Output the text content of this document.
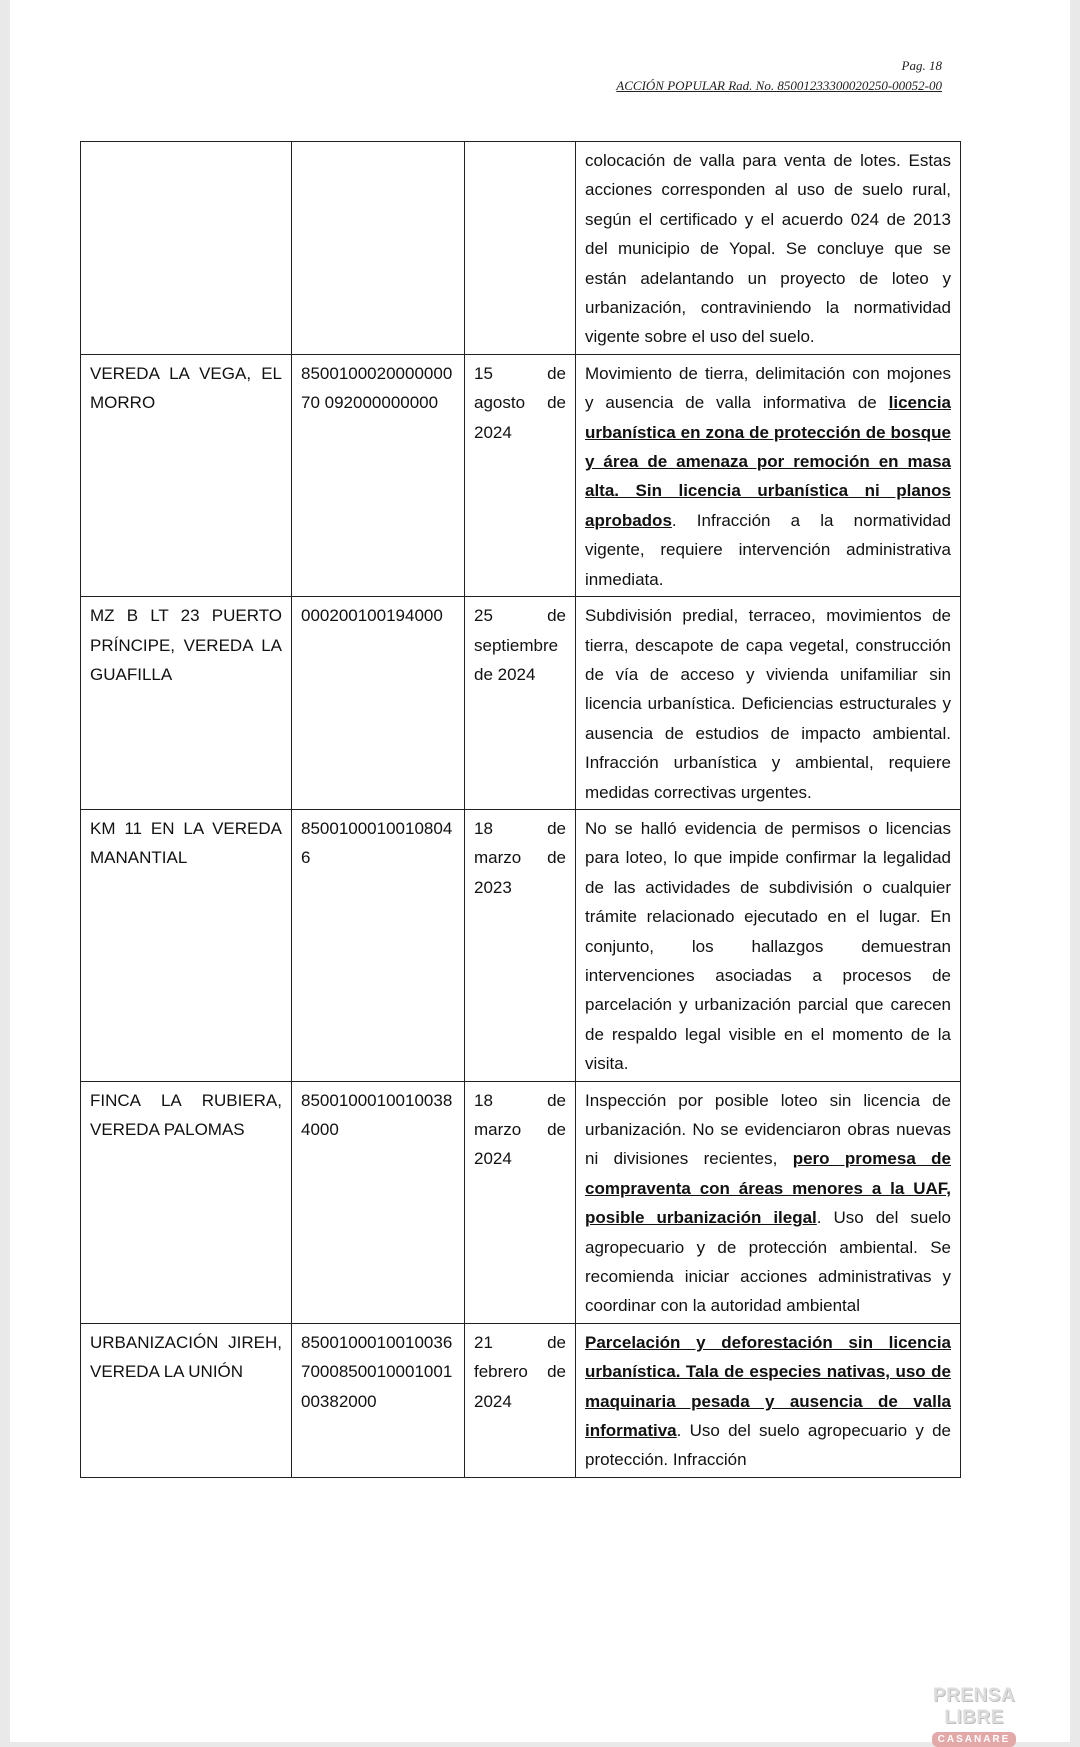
Pag. 18
ACCIÓN POPULAR Rad. No. 85001233300020250-00052-00
			colocación de valla para venta de lotes. Estas acciones corresponden al uso de suelo rural, según el certificado y el acuerdo 024 de 2013 del municipio de Yopal. Se concluye que se están adelantando un proyecto de loteo y urbanización, contraviniendo la normatividad vigente sobre el uso del suelo.
VEREDA LA VEGA, EL MORRO	850010002000000070 092000000000	15 de agosto de 2024	Movimiento de tierra, delimitación con mojones y ausencia de valla informativa de licencia urbanística en zona de protección de bosque y área de amenaza por remoción en masa alta. Sin licencia urbanística ni planos aprobados. Infracción a la normatividad vigente, requiere intervención administrativa inmediata.
MZ B LT 23 PUERTO PRÍNCIPE, VEREDA LA GUAFILLA	000200100194000	25 de septiembre de 2024	Subdivisión predial, terraceo, movimientos de tierra, descapote de capa vegetal, construcción de vía de acceso y vivienda unifamiliar sin licencia urbanística. Deficiencias estructurales y ausencia de estudios de impacto ambiental. Infracción urbanística y ambiental, requiere medidas correctivas urgentes.
KM 11 EN LA VEREDA MANANTIAL	85001000100108046	18 de marzo de 2023	No se halló evidencia de permisos o licencias para loteo, lo que impide confirmar la legalidad de las actividades de subdivisión o cualquier trámite relacionado ejecutado en el lugar. En conjunto, los hallazgos demuestran intervenciones asociadas a procesos de parcelación y urbanización parcial que carecen de respaldo legal visible en el momento de la visita.
FINCA LA RUBIERA, VEREDA PALOMAS	85001000100100384000	18 de marzo de 2024	Inspección por posible loteo sin licencia de urbanización. No se evidenciaron obras nuevas ni divisiones recientes, pero promesa de compraventa con áreas menores a la UAF, posible urbanización ilegal. Uso del suelo agropecuario y de protección ambiental. Se recomienda iniciar acciones administrativas y coordinar con la autoridad ambiental
URBANIZACIÓN JIREH, VEREDA LA UNIÓN	8500100010010036700085001000100100382000	21 de febrero de 2024	Parcelación y deforestación sin licencia urbanística. Tala de especies nativas, uso de maquinaria pesada y ausencia de valla informativa. Uso del suelo agropecuario y de protección. Infracción
PRENSA LIBRE
CASANARE
